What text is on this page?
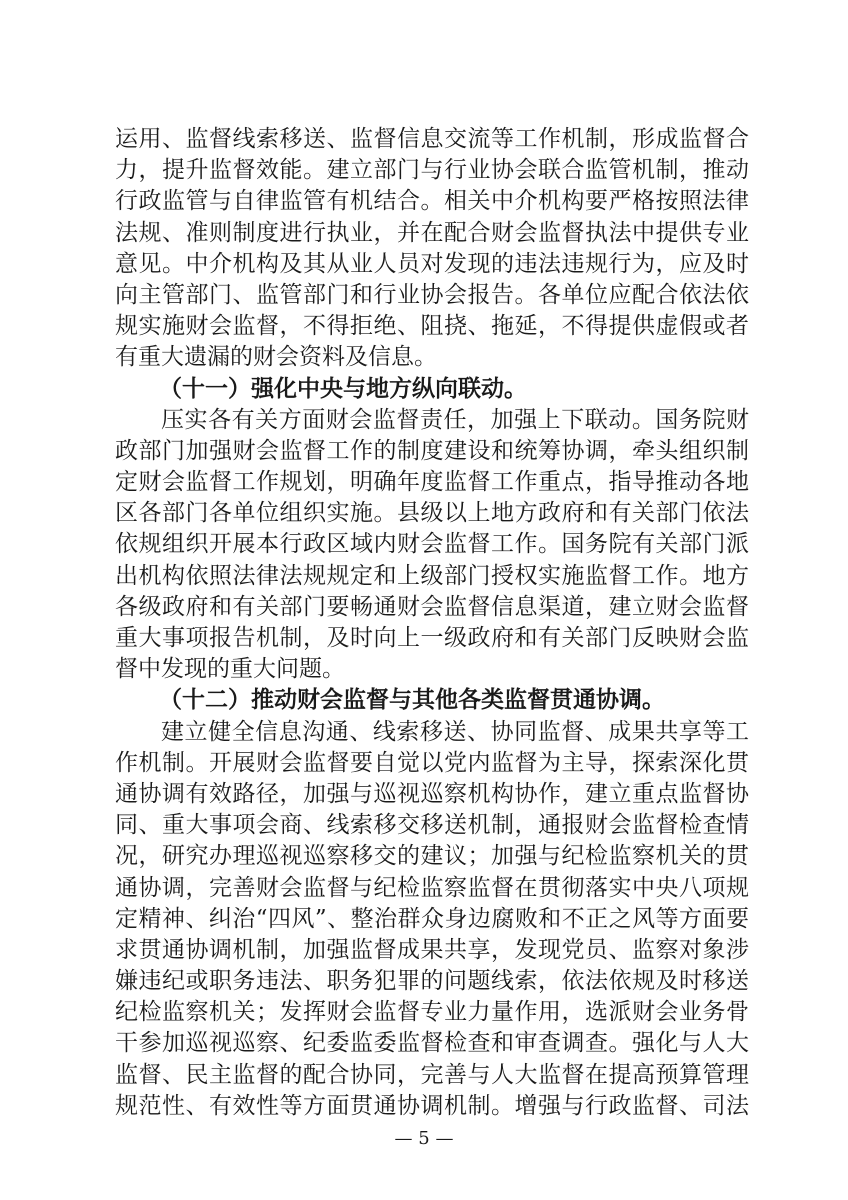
运用、监督线索移送、监督信息交流等工作机制，形成监督合
力，提升监督效能。建立部门与行业协会联合监管机制，推动
行政监管与自律监管有机结合。相关中介机构要严格按照法律
法规、准则制度进行执业，并在配合财会监督执法中提供专业
意见。中介机构及其从业人员对发现的违法违规行为，应及时
向主管部门、监管部门和行业协会报告。各单位应配合依法依
规实施财会监督，不得拒绝、阻挠、拖延，不得提供虚假或者
有重大遗漏的财会资料及信息。
（十一）强化中央与地方纵向联动。
压实各有关方面财会监督责任，加强上下联动。国务院财
政部门加强财会监督工作的制度建设和统筹协调，牵头组织制
定财会监督工作规划，明确年度监督工作重点，指导推动各地
区各部门各单位组织实施。县级以上地方政府和有关部门依法
依规组织开展本行政区域内财会监督工作。国务院有关部门派
出机构依照法律法规规定和上级部门授权实施监督工作。地方
各级政府和有关部门要畅通财会监督信息渠道，建立财会监督
重大事项报告机制，及时向上一级政府和有关部门反映财会监
督中发现的重大问题。
（十二）推动财会监督与其他各类监督贯通协调。
建立健全信息沟通、线索移送、协同监督、成果共享等工
作机制。开展财会监督要自觉以党内监督为主导，探索深化贯
通协调有效路径，加强与巡视巡察机构协作，建立重点监督协
同、重大事项会商、线索移交移送机制，通报财会监督检查情
况，研究办理巡视巡察移交的建议；加强与纪检监察机关的贯
通协调，完善财会监督与纪检监察监督在贯彻落实中央八项规
定精神、纠治“四风”、整治群众身边腐败和不正之风等方面要
求贯通协调机制，加强监督成果共享，发现党员、监察对象涉
嫌违纪或职务违法、职务犯罪的问题线索，依法依规及时移送
纪检监察机关；发挥财会监督专业力量作用，选派财会业务骨
干参加巡视巡察、纪委监委监督检查和审查调查。强化与人大
监督、民主监督的配合协同，完善与人大监督在提高预算管理
规范性、有效性等方面贯通协调机制。增强与行政监督、司法
— 5 —
